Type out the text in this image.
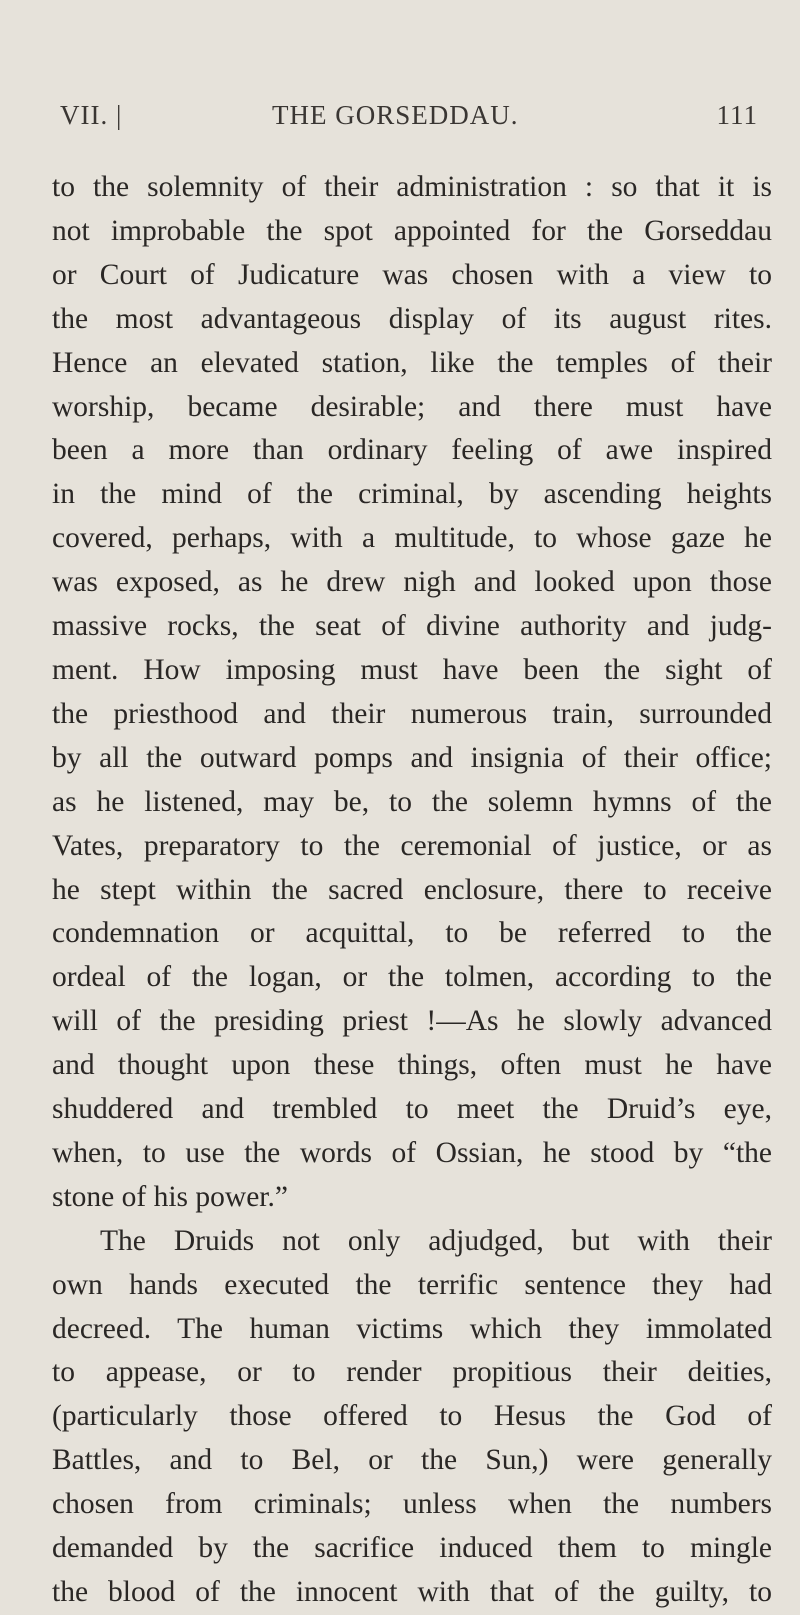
VII. |	THE GORSEDDAU.	111
to the solemnity of their administration : so that it is
not improbable the spot appointed for the Gorseddau
or Court of Judicature was chosen with a view to
the most advantageous display of its august rites.
Hence an elevated station, like the temples of their
worship, became desirable; and there must have
been a more than ordinary feeling of awe inspired
in the mind of the criminal, by ascending heights
covered, perhaps, with a multitude, to whose gaze he
was exposed, as he drew nigh and looked upon those
massive rocks, the seat of divine authority and judg-
ment. How imposing must have been the sight of
the priesthood and their numerous train, surrounded
by all the outward pomps and insignia of their office;
as he listened, may be, to the solemn hymns of the
Vates, preparatory to the ceremonial of justice, or as
he stept within the sacred enclosure, there to receive
condemnation or acquittal, to be referred to the
ordeal of the logan, or the tolmen, according to the
will of the presiding priest !—As he slowly advanced
and thought upon these things, often must he have
shuddered and trembled to meet the Druid’s eye,
when, to use the words of Ossian, he stood by “the
stone of his power.”
The Druids not only adjudged, but with their
own hands executed the terrific sentence they had
decreed. The human victims which they immolated
to appease, or to render propitious their deities,
(particularly those offered to Hesus the God of
Battles, and to Bel, or the Sun,) were generally
chosen from criminals; unless when the numbers
demanded by the sacrifice induced them to mingle
the blood of the innocent with that of the guilty, to
